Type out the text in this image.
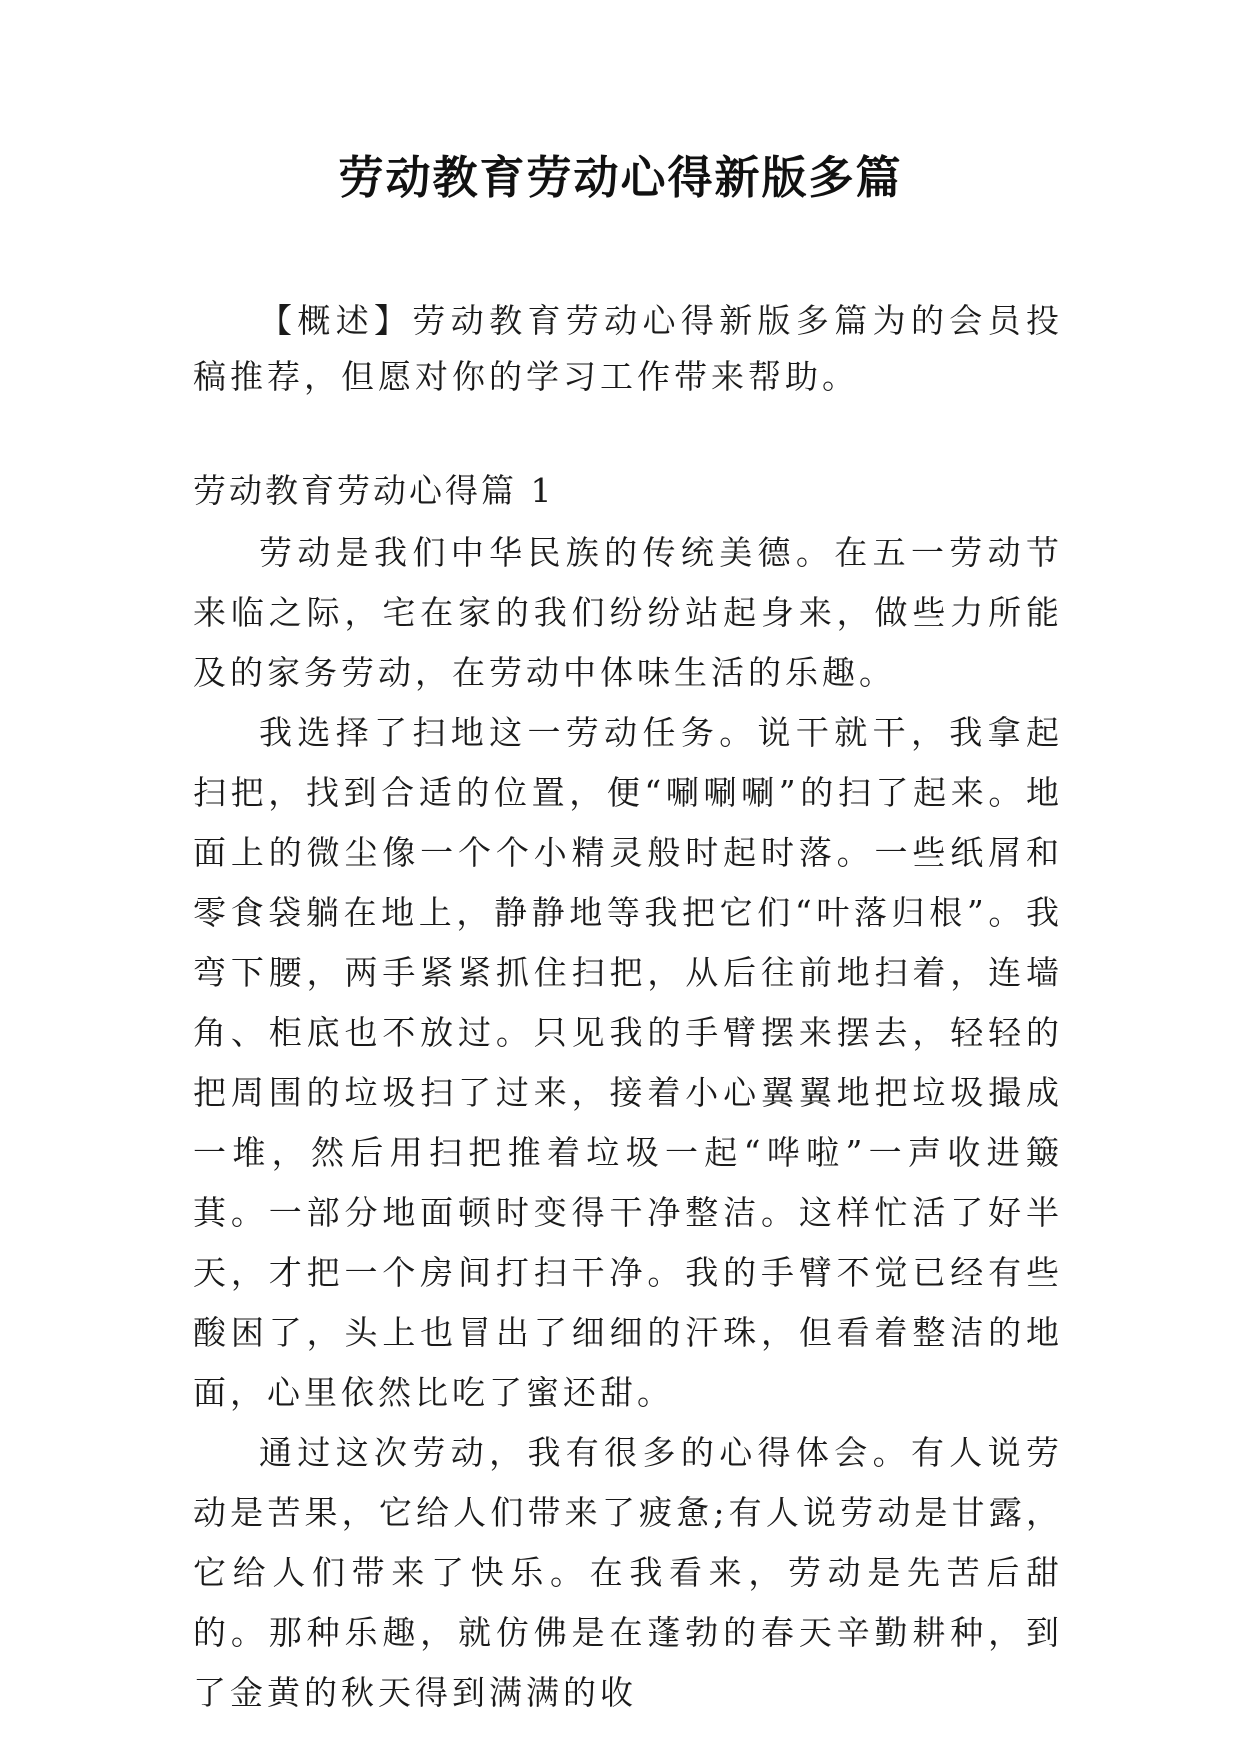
劳动教育劳动心得新版多篇

【概述】劳动教育劳动心得新版多篇为的会员投稿推荐，但愿对你的学习工作带来帮助。

劳动教育劳动心得篇 1

劳动是我们中华民族的传统美德。在五一劳动节来临之际，宅在家的我们纷纷站起身来，做些力所能及的家务劳动，在劳动中体味生活的乐趣。

我选择了扫地这一劳动任务。说干就干，我拿起扫把，找到合适的位置，便“唰唰唰”的扫了起来。地面上的微尘像一个个小精灵般时起时落。一些纸屑和零食袋躺在地上，静静地等我把它们“叶落归根”。我弯下腰，两手紧紧抓住扫把，从后往前地扫着，连墙角、柜底也不放过。只见我的手臂摆来摆去，轻轻的把周围的垃圾扫了过来，接着小心翼翼地把垃圾撮成一堆，然后用扫把推着垃圾一起“哗啦”一声收进簸萁。一部分地面顿时变得干净整洁。这样忙活了好半天，才把一个房间打扫干净。我的手臂不觉已经有些酸困了，头上也冒出了细细的汗珠，但看着整洁的地面，心里依然比吃了蜜还甜。

通过这次劳动，我有很多的心得体会。有人说劳动是苦果，它给人们带来了疲惫;有人说劳动是甘露，它给人们带来了快乐。在我看来，劳动是先苦后甜的。那种乐趣，就仿佛是在蓬勃的春天辛勤耕种，到了金黄的秋天得到满满的收
